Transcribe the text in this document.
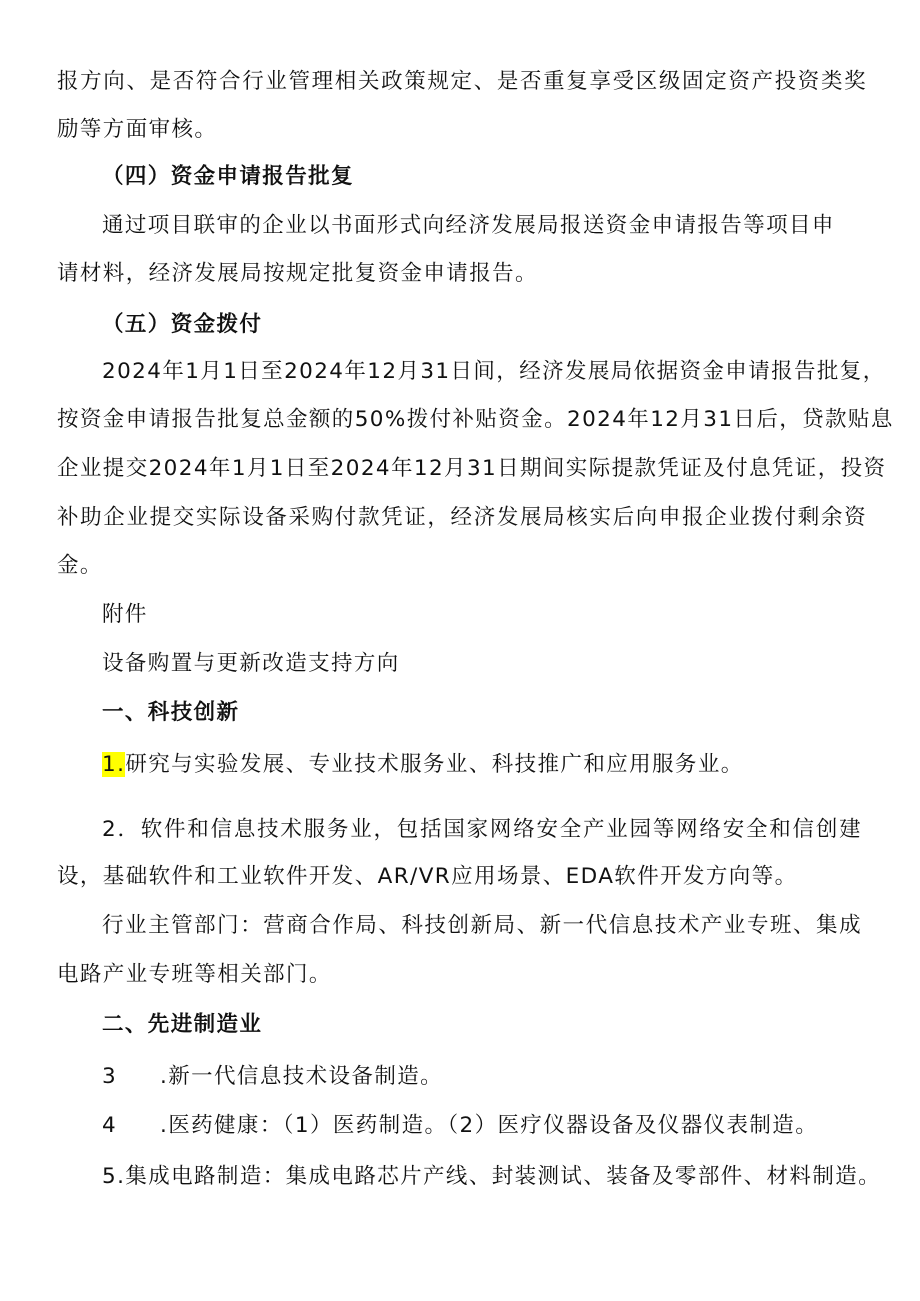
报方向、是否符合行业管理相关政策规定、是否重复享受区级固定资产投资类奖
励等方面审核。
（四）资金申请报告批复
通过项目联审的企业以书面形式向经济发展局报送资金申请报告等项目申
请材料，经济发展局按规定批复资金申请报告。
（五）资金拨付
2024年1月1日至2024年12月31日间，经济发展局依据资金申请报告批复，
按资金申请报告批复总金额的50%拨付补贴资金。2024年12月31日后，贷款贴息
企业提交2024年1月1日至2024年12月31日期间实际提款凭证及付息凭证，投资
补助企业提交实际设备采购付款凭证，经济发展局核实后向申报企业拨付剩余资
金。
附件
设备购置与更新改造支持方向
一、科技创新
1.研究与实验发展、专业技术服务业、科技推广和应用服务业。
2．软件和信息技术服务业，包括国家网络安全产业园等网络安全和信创建
设，基础软件和工业软件开发、AR/VR应用场景、EDA软件开发方向等。
行业主管部门：营商合作局、科技创新局、新一代信息技术产业专班、集成
电路产业专班等相关部门。
二、先进制造业
3 .新一代信息技术设备制造。
4 .医药健康：（1）医药制造。（2）医疗仪器设备及仪器仪表制造。
5.集成电路制造：集成电路芯片产线、封装测试、装备及零部件、材料制造。
